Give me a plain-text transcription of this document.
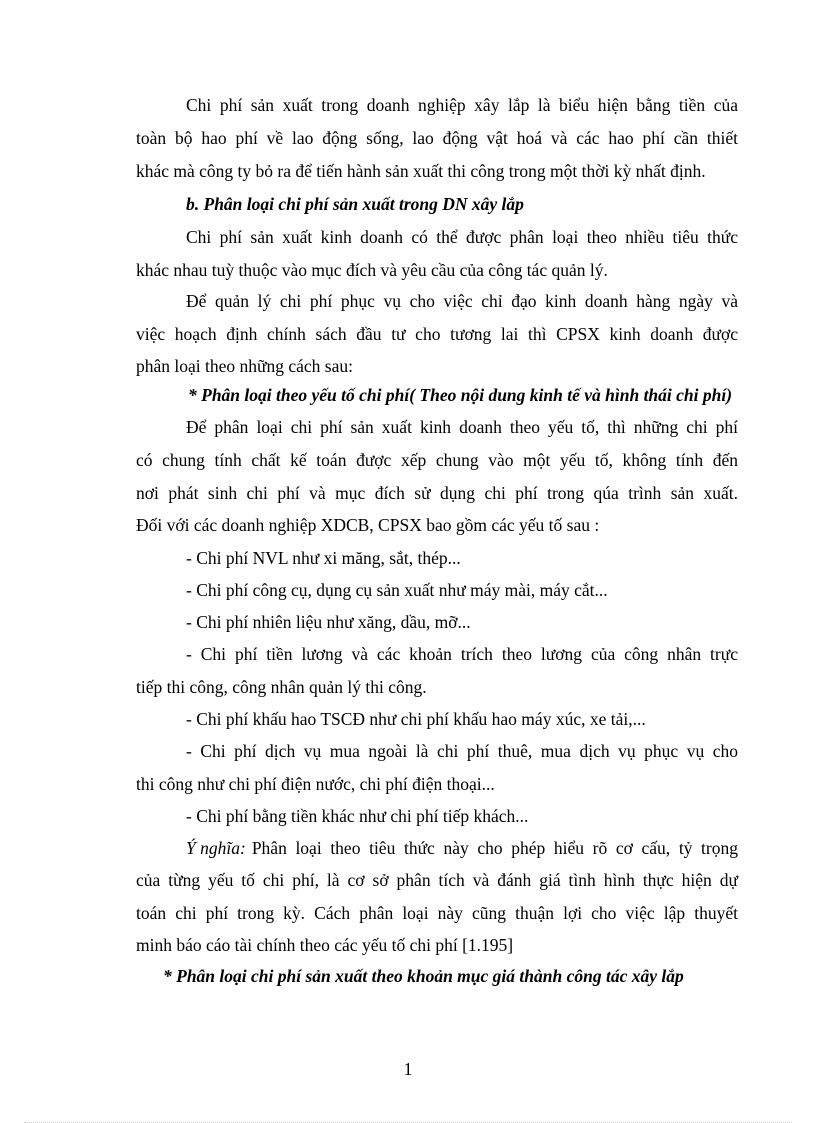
Chi phí sản xuất trong doanh nghiệp xây lắp là biểu hiện bằng tiền của
toàn bộ hao phí về lao động sống, lao động vật hoá và các hao phí cần thiết
khác mà công ty bỏ ra để tiến hành sản xuất thi công trong một thời kỳ nhất định.
b. Phân loại chi phí sản xuất trong DN xây lắp
Chi phí sản xuất kinh doanh có thể được phân loại theo nhiều tiêu thức
khác nhau tuỳ thuộc vào mục đích và yêu cầu của công tác quản lý.
Để quản lý chi phí phục vụ cho việc chỉ đạo kinh doanh hàng ngày và
việc hoạch định chính sách đầu tư cho tương lai thì CPSX kinh doanh được
phân loại theo những cách sau:
* Phân loại theo yếu tố chi phí( Theo nội dung kinh tế và hình thái chi phí)
Để phân loại chi phí sản xuất kinh doanh theo yếu tố, thì những chi phí
có chung tính chất kế toán được xếp chung vào một yếu tố, không tính đến
nơi phát sinh chi phí và mục đích sử dụng chi phí trong qúa trình sản xuất.
Đối với các doanh nghiệp XDCB, CPSX bao gồm các yếu tố sau :
- Chi phí NVL như xi măng, sắt, thép...
- Chi phí công cụ, dụng cụ sản xuất như máy mài, máy cắt...
- Chi phí nhiên liệu như xăng, dầu, mỡ...
- Chi phí tiền lương và các khoản trích theo lương của công nhân trực
tiếp thi công, công nhân quản lý thi công.
- Chi phí khấu hao TSCĐ như chi phí khấu hao máy xúc, xe tải,...
- Chi phí dịch vụ mua ngoài là chi phí thuê, mua dịch vụ phục vụ cho
thi công như chi phí điện nước, chi phí điện thoại...
- Chi phí bằng tiền khác như chi phí tiếp khách...
Ý nghĩa: Phân loại theo tiêu thức này cho phép hiểu rõ cơ cấu, tỷ trọng
của từng yếu tố chi phí, là cơ sở phân tích và đánh giá tình hình thực hiện dự
toán chi phí trong kỳ. Cách phân loại này cũng thuận lợi cho việc lập thuyết
minh báo cáo tài chính theo các yếu tố chi phí [1.195]
* Phân loại chi phí sản xuất theo khoản mục giá thành công tác xây lắp
1
